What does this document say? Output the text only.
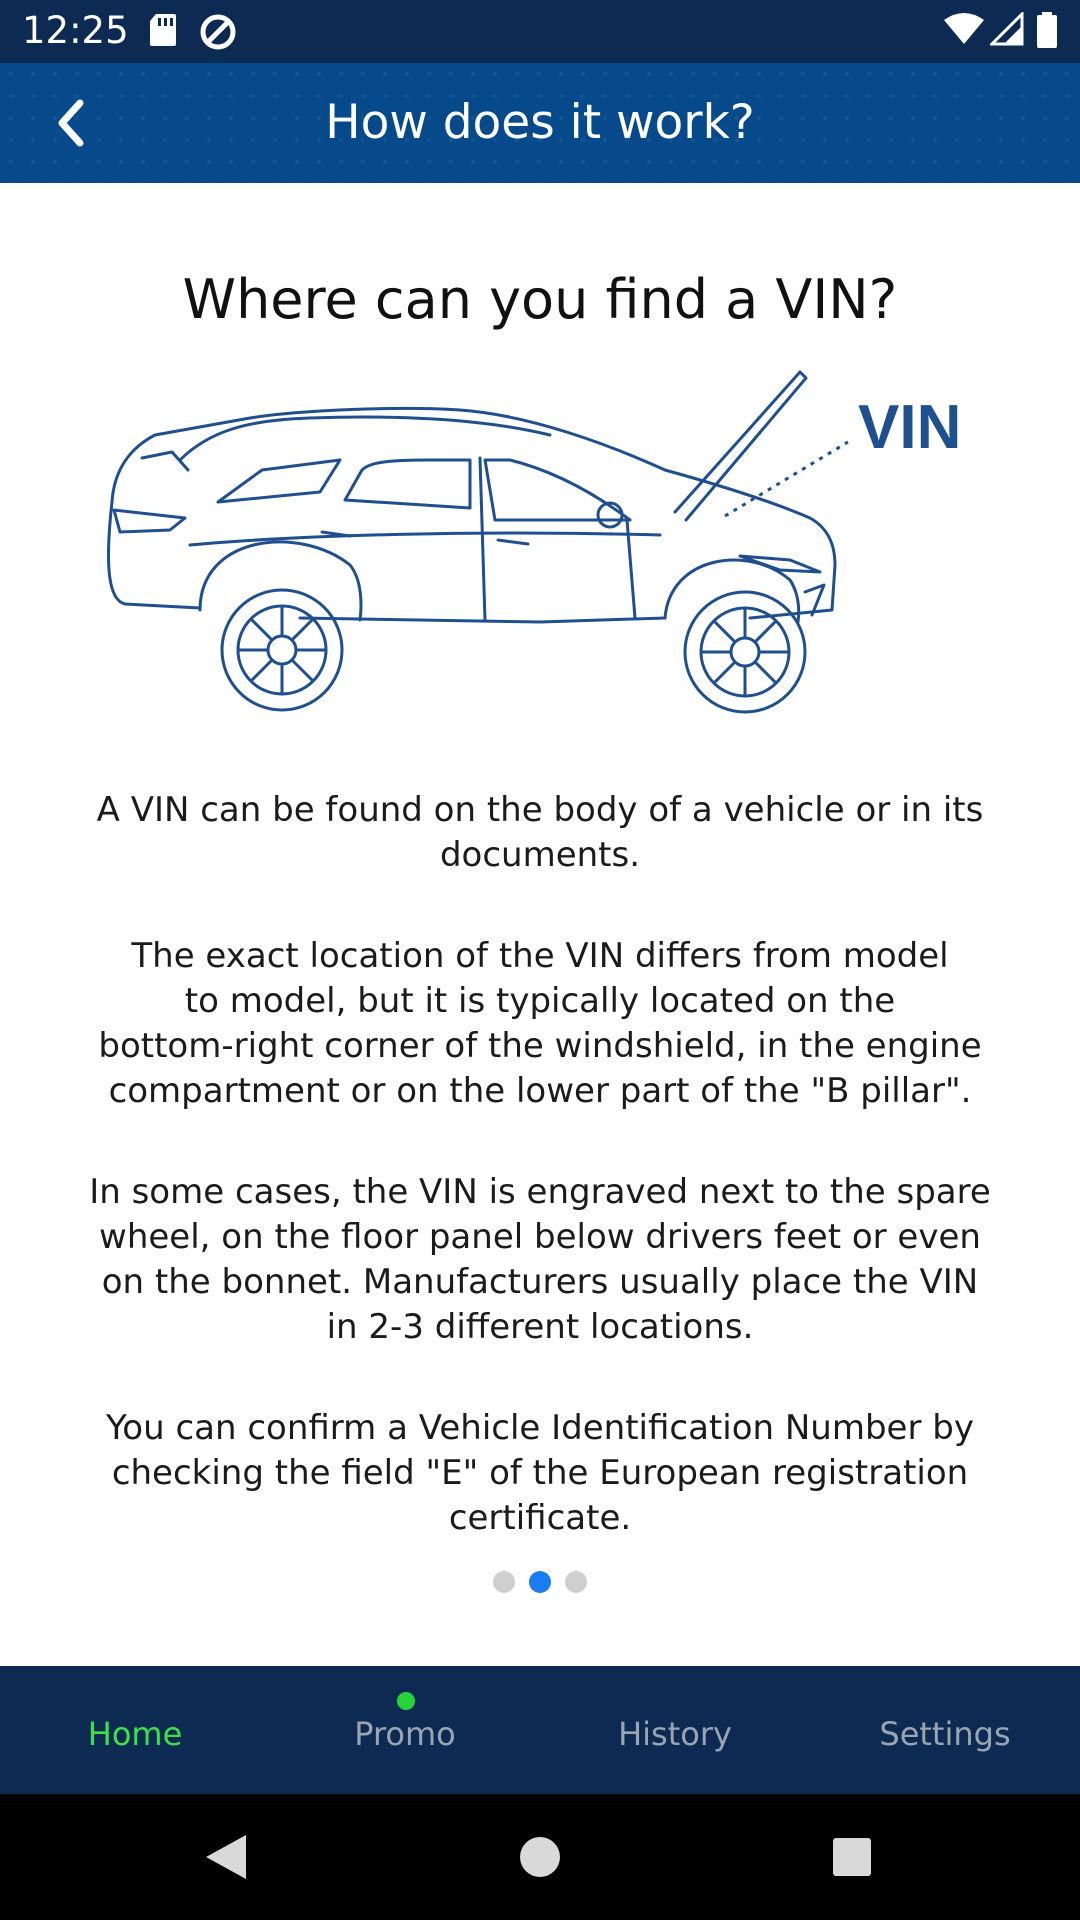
12:25
How does it work?
Where can you find a VIN?
VIN
A VIN can be found on the body of a vehicle or in its
documents.
The exact location of the VIN differs from model
to model, but it is typically located on the
bottom-right corner of the windshield, in the engine
compartment or on the lower part of the "B pillar".
In some cases, the VIN is engraved next to the spare
wheel, on the floor panel below drivers feet or even
on the bonnet. Manufacturers usually place the VIN
in 2-3 different locations.
You can confirm a Vehicle Identification Number by
checking the field "E" of the European registration
certificate.
Home	Promo	History	Settings
